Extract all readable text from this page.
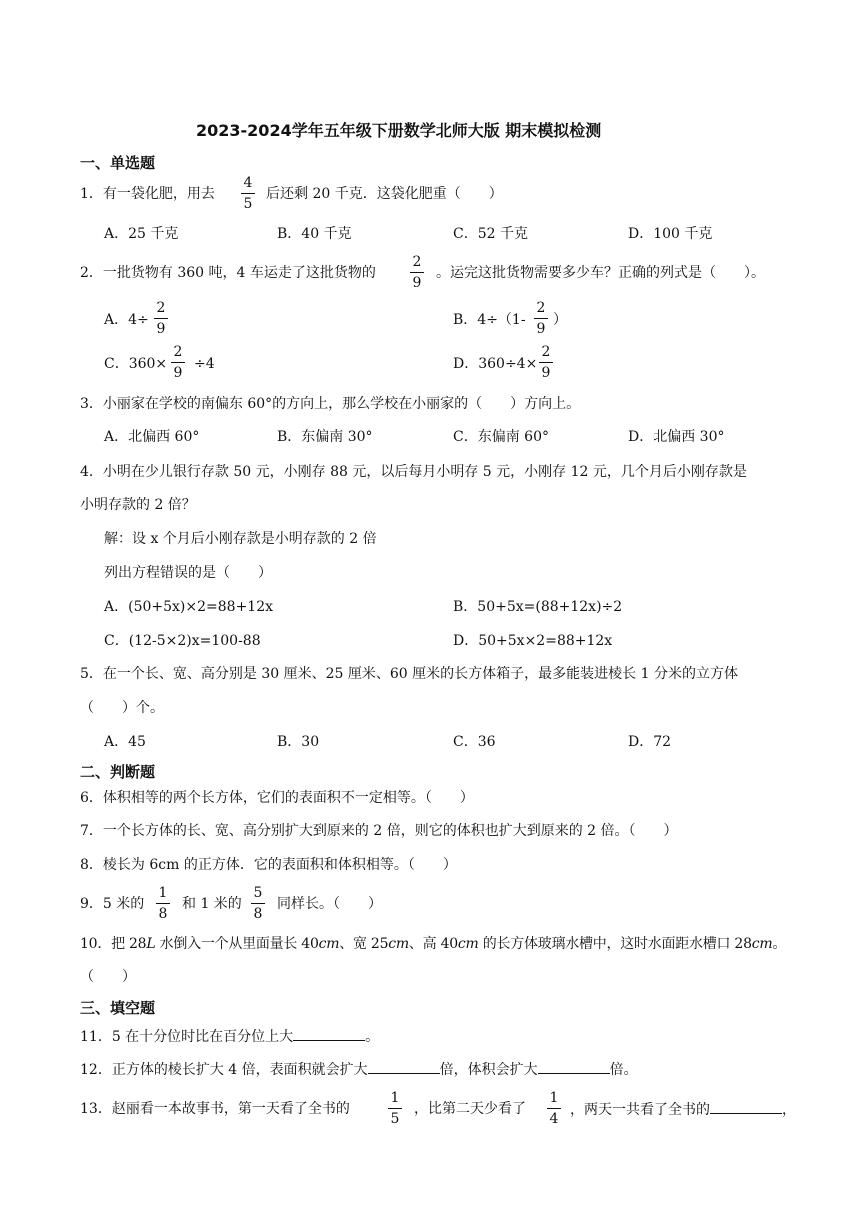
2023-2024学年五年级下册数学北师大版 期末模拟检测
一、单选题
1．有一袋化肥，用去
4
5
后还剩 20 千克．这袋化肥重（　　）
A．25 千克	B．40 千克	C．52 千克	D．100 千克
2．一批货物有 360 吨，4 车运走了这批货物的
2
9
。运完这批货物需要多少车？正确的列式是（　　）。
A．4÷
2
9
B．4÷（1-
2
9
）
C．360×
2
9
÷4	D．360÷4×
2
9
3．小丽家在学校的南偏东 60°的方向上，那么学校在小丽家的（　　）方向上。
A．北偏西 60°	B．东偏南 30°	C．东偏南 60°	D．北偏西 30°
4．小明在少儿银行存款 50 元，小刚存 88 元，以后每月小明存 5 元，小刚存 12 元，几个月后小刚存款是
小明存款的 2 倍？
解：设 x 个月后小刚存款是小明存款的 2 倍
列出方程错误的是（　　）
A．(50+5x)×2=88+12x	B．50+5x=(88+12x)÷2
C．(12-5×2)x=100-88	D．50+5x×2=88+12x
5．在一个长、宽、高分别是 30 厘米、25 厘米、60 厘米的长方体箱子，最多能装进棱长 1 分米的立方体
（　　）个。
A．45	B．30	C．36	D．72
二、判断题
6．体积相等的两个长方体，它们的表面积不一定相等。（　　）
7．一个长方体的长、宽、高分别扩大到原来的 2 倍，则它的体积也扩大到原来的 2 倍。（　　）
8．棱长为 6cm 的正方体．它的表面积和体积相等。（　　）
9．5 米的
1
8
和 1 米的
5
8
同样长。（　　）
10．把 28L 水倒入一个从里面量长 40cm、宽 25cm、高 40cm 的长方体玻璃水槽中，这时水面距水槽口 28cm。
（　　）
三、填空题
11．5 在十分位时比在百分位上大	。
12．正方体的棱长扩大 4 倍，表面积就会扩大	倍，体积会扩大	倍。
13．赵丽看一本故事书，第一天看了全书的
1
5
，比第二天少看了
1
4
，两天一共看了全书的	，
